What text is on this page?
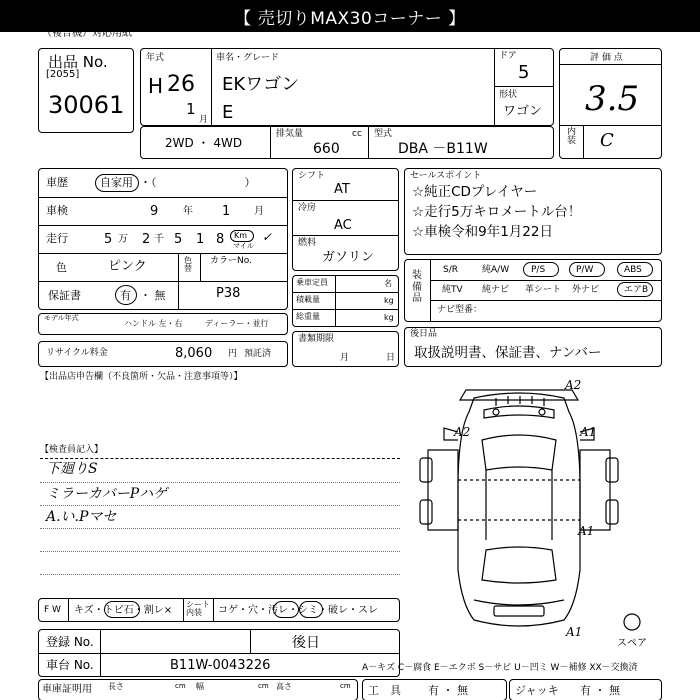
【 売切りMAX30コーナー 】
（複合機）対応用紙
出品 No.
[2055]
30061
年式
H 26
1
月
車名・グレード
EKワゴン
E
ドア
5
形状
ワゴン
評 価 点
3.5
内装 C
2WD ・ 4WD
排気量	cc
660
型式
DBA －B11W
車歴	自家用 ・（　　　　　　　　）
車検	9 年 1 月
走行	5 万 2 千 5 1 8 Km
マイル
✓
色	ピンク	色替
カラーNo.
P38
保証書	有 ・ 無
モデル年式
ハンドル 左・右	ディーラー・並行
リサイクル料金	8,060 円 預託済
【出品店申告欄（不良箇所・欠品・注意事項等）】
シフト
AT
冷房
AC
燃料
ガソリン
乗車定員	名
積載量	kg
総重量	kg
書類期限
月	日
セールスポイント
☆純正CDプレイヤー
☆走行5万キロメートル台！
☆車検令和9年1月22日
装備品
S/R	純A/W P/S	P/W	ABS
純TV 純ナビ 革シート 外ナビ	エアB
ナビ型番：
後日品
取扱説明書、保証書、ナンバー
【検査員記入】
下廻りS
ミラーカバーPハゲ
A.い.Pマセ
A2
A2	A1
A1
A1
スペア
F W キズ・トビ石・割レ×
シート内装	コゲ・穴・汚レ・シミ・破レ・スレ
登録 No.	後日
車台 No.	B11W-0043226
車庫証明用 長さ	cm 幅	cm 高さ	cm
A－キズ C－腐食 E－エクボ S－サビ U－凹ミ W－補修 XX－交換済
工　具 有 ・ 無	ジャッキ 有 ・ 無
